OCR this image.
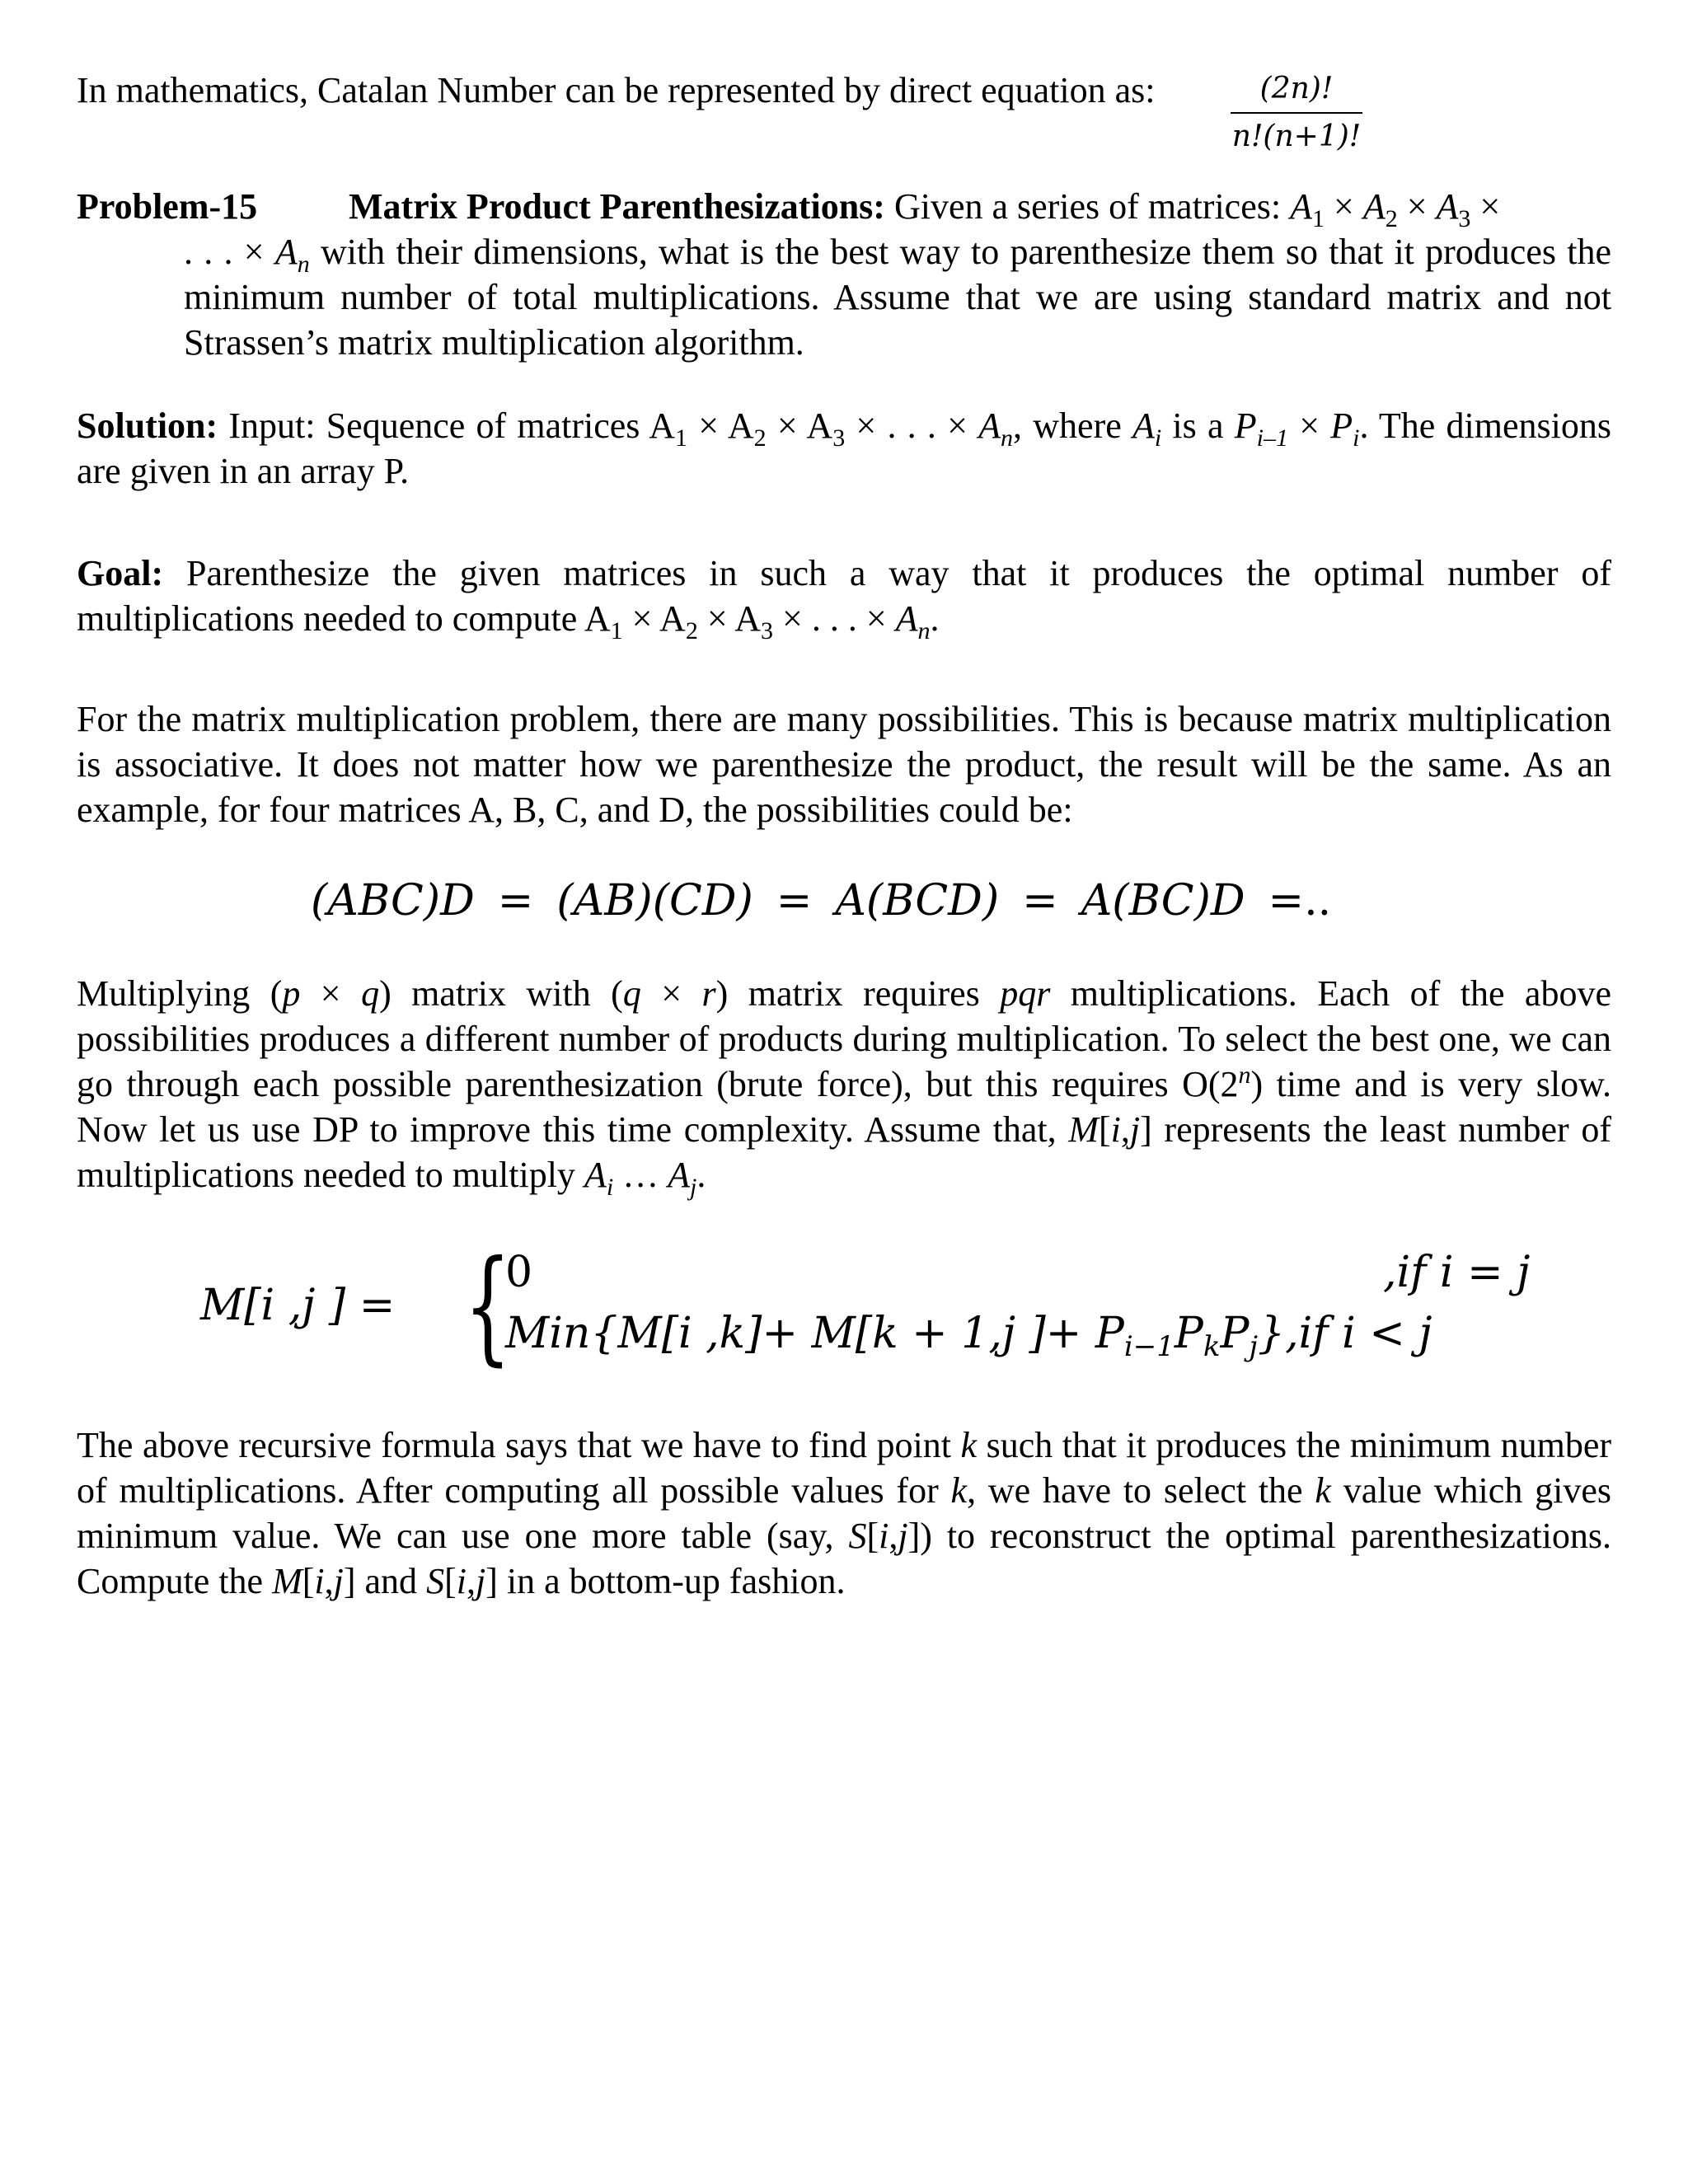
In mathematics, Catalan Number can be represented by direct equation as:	(2n)!
n!(n+1)!

Problem-15	Matrix Product Parenthesizations: Given a series of matrices: $A_1 \times A_2 \times A_3$ ×

. . . × $A_n$ with their dimensions, what is the best way to parenthesize them so that it produces the minimum number of total multiplications. Assume that we are using standard matrix and not Strassen’s matrix multiplication algorithm.

Solution: Input: Sequence of matrices $A_1 \times A_2 \times A_3$ × . . . × $A_n$, where $A_i$ is a $P_{i-1} \times P_i$. The dimensions are given in an array P.

Goal: Parenthesize the given matrices in such a way that it produces the optimal number of multiplications needed to compute $A_1 \times A_2 \times A_3$ × . . . × $A_n$.

For the matrix multiplication problem, there are many possibilities. This is because matrix multiplication is associative. It does not matter how we parenthesize the product, the result will be the same. As an example, for four matrices A, B, C, and D, the possibilities could be:

(ABC)D = (AB)(CD) = A(BCD) = A(BC)D =..

Multiplying (p × q) matrix with (q × r) matrix requires pqr multiplications. Each of the above possibilities produces a different number of products during multiplication. To select the best one, we can go through each possible parenthesization (brute force), but this requires O(2$^n$) time and is very slow. Now let us use DP to improve this time complexity. Assume that, M[i,j] represents the least number of multiplications needed to multiply $A_i$ … $A_j$.

M[i ,j ] = {
0	,if i = j
Min{M[i ,k]+ M[k + 1,j ]+ Pi−1PkPj},if i < j

The above recursive formula says that we have to find point k such that it produces the minimum number of multiplications. After computing all possible values for k, we have to select the k value which gives minimum value. We can use one more table (say, S[i,j]) to reconstruct the optimal parenthesizations. Compute the M[i,j] and S[i,j] in a bottom-up fashion.
